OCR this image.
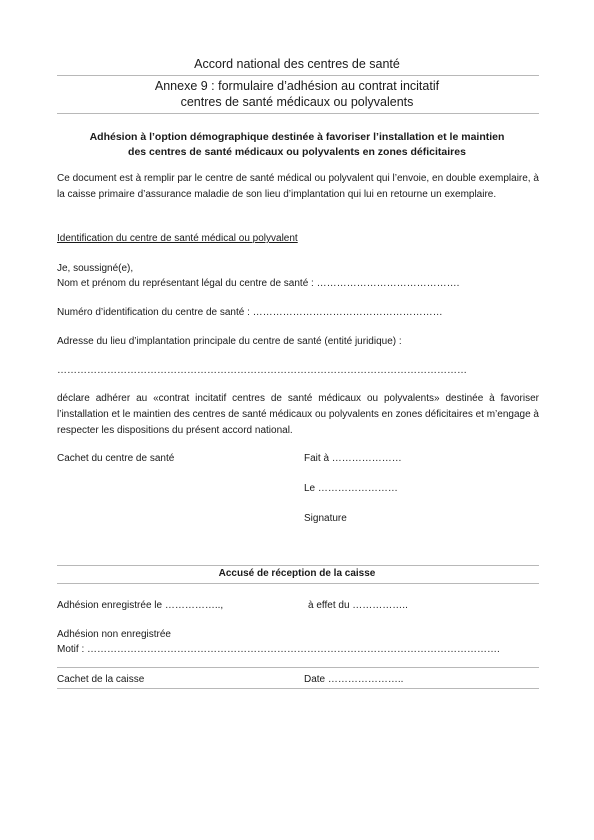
Accord national des centres de santé
Annexe 9 : formulaire d’adhésion au contrat incitatif
centres de santé médicaux ou polyvalents
Adhésion à l’option démographique destinée à favoriser l’installation et le maintien
des centres de santé médicaux ou polyvalents en zones déficitaires
Ce document est à remplir par le centre de santé médical ou polyvalent qui l’envoie, en double exemplaire, à la caisse primaire d’assurance maladie de son lieu d’implantation qui lui en retourne un exemplaire.
Identification du centre de santé médical ou polyvalent
Je, soussigné(e),
Nom et prénom du représentant légal du centre de santé : …………………………………….
Numéro d’identification du centre de santé : …………………………………………………
Adresse du lieu d’implantation principale du centre de santé (entité juridique) :
……………………………………………………………………………………………………………
déclare adhérer au «contrat incitatif centres de santé médicaux ou polyvalents» destinée à favoriser l’installation et le maintien des centres de santé médicaux ou polyvalents en zones déficitaires et m’engage à respecter les dispositions du présent accord national.
Cachet du centre de santé	Fait à …………………
Le ……………………
Signature
Accusé de réception de la caisse
Adhésion enregistrée le ……………..,	à effet du ……………..
Adhésion non enregistrée
Motif : …………………………………………………………………………………………………………….
Cachet de la caisse	Date …………………..
